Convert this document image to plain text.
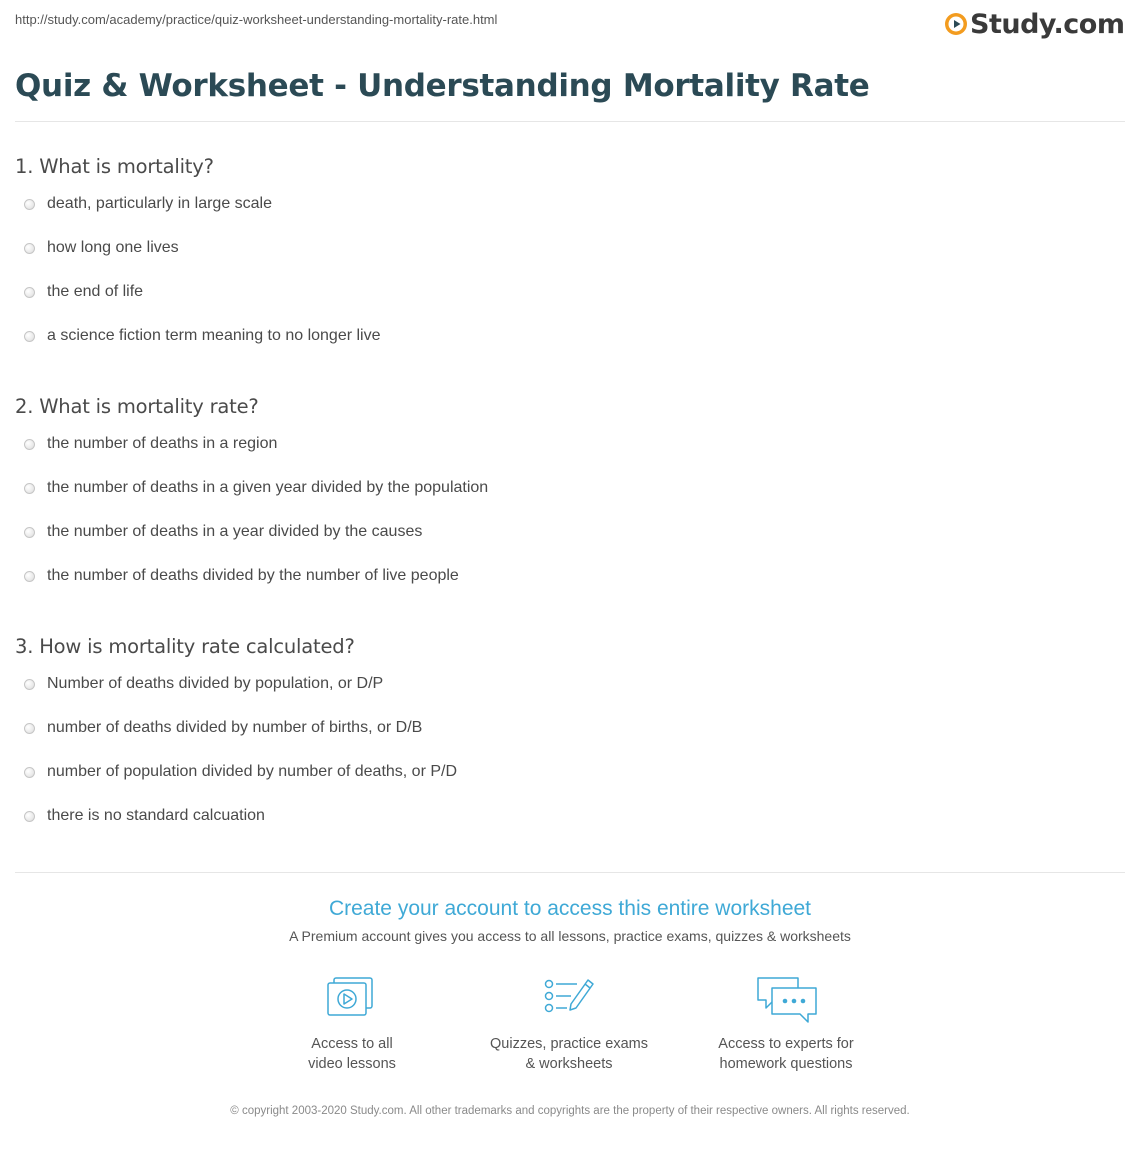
http://study.com/academy/practice/quiz-worksheet-understanding-mortality-rate.html	Study.com
Quiz & Worksheet - Understanding Mortality Rate
1. What is mortality?
death, particularly in large scale
how long one lives
the end of life
a science fiction term meaning to no longer live
2. What is mortality rate?
the number of deaths in a region
the number of deaths in a given year divided by the population
the number of deaths in a year divided by the causes
the number of deaths divided by the number of live people
3. How is mortality rate calculated?
Number of deaths divided by population, or D/P
number of deaths divided by number of births, or D/B
number of population divided by number of deaths, or P/D
there is no standard calcuation

Create your account to access this entire worksheet

A Premium account gives you access to all lessons, practice exams, quizzes & worksheets

Access to all
video lessons
Quizzes, practice exams
& worksheets
Access to experts for
homework questions
© copyright 2003-2020 Study.com. All other trademarks and copyrights are the property of their respective owners. All rights reserved.
